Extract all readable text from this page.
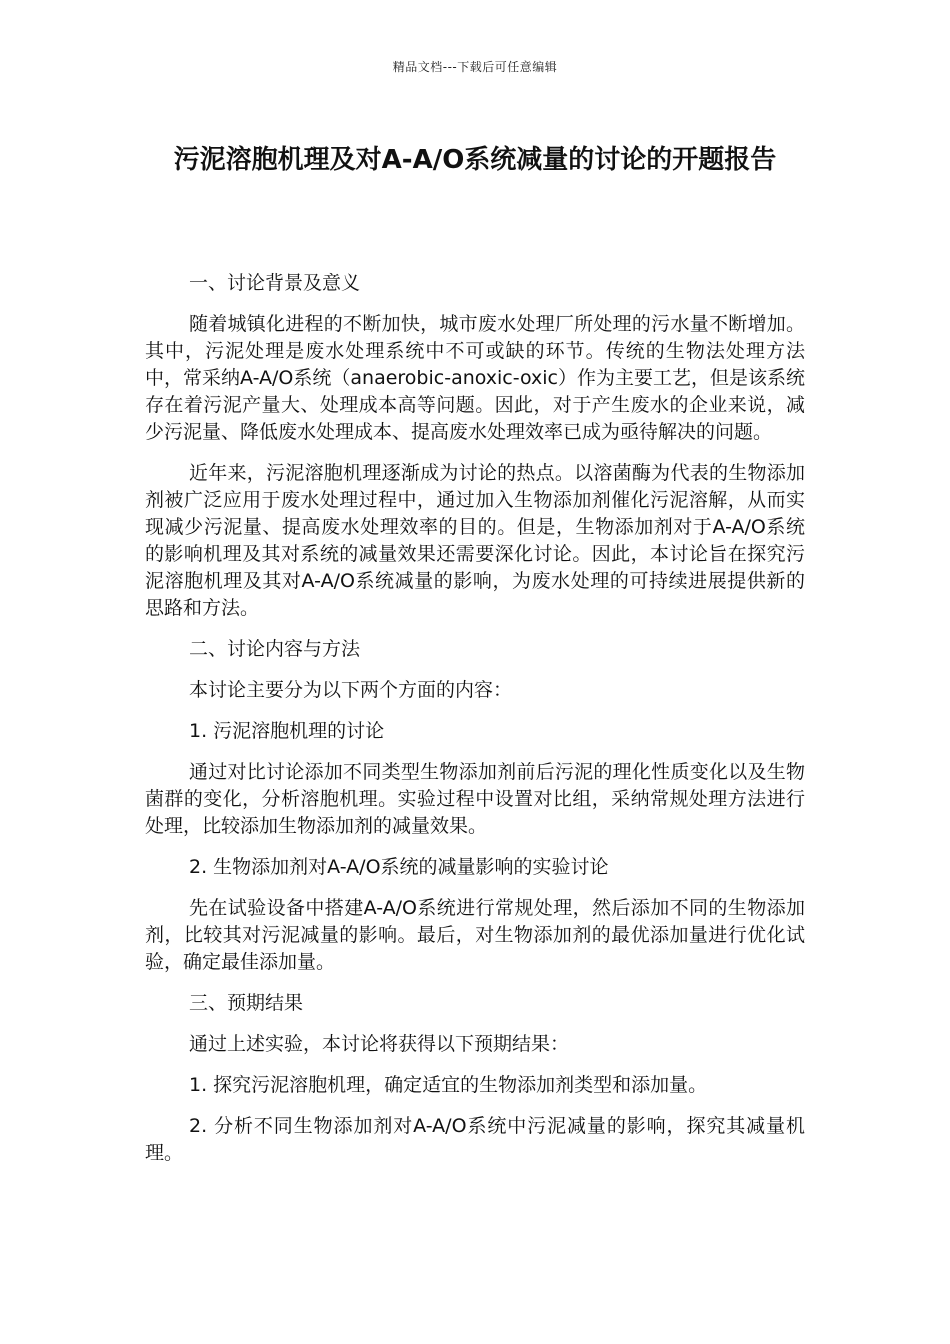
精品文档---下载后可任意编辑
污泥溶胞机理及对A-A/O系统减量的讨论的开题报告

一、讨论背景及意义

随着城镇化进程的不断加快，城市废水处理厂所处理的污水量不断增加。其中，污泥处理是废水处理系统中不可或缺的环节。传统的生物法处理方法中，常采纳A-A/O系统（anaerobic-anoxic-oxic）作为主要工艺，但是该系统存在着污泥产量大、处理成本高等问题。因此，对于产生废水的企业来说，减少污泥量、降低废水处理成本、提高废水处理效率已成为亟待解决的问题。

近年来，污泥溶胞机理逐渐成为讨论的热点。以溶菌酶为代表的生物添加剂被广泛应用于废水处理过程中，通过加入生物添加剂催化污泥溶解，从而实现减少污泥量、提高废水处理效率的目的。但是，生物添加剂对于A-A/O系统的影响机理及其对系统的减量效果还需要深化讨论。因此，本讨论旨在探究污泥溶胞机理及其对A-A/O系统减量的影响，为废水处理的可持续进展提供新的思路和方法。

二、讨论内容与方法

本讨论主要分为以下两个方面的内容：

1. 污泥溶胞机理的讨论

通过对比讨论添加不同类型生物添加剂前后污泥的理化性质变化以及生物菌群的变化，分析溶胞机理。实验过程中设置对比组，采纳常规处理方法进行处理，比较添加生物添加剂的减量效果。

2. 生物添加剂对A-A/O系统的减量影响的实验讨论

先在试验设备中搭建A-A/O系统进行常规处理，然后添加不同的生物添加剂，比较其对污泥减量的影响。最后，对生物添加剂的最优添加量进行优化试验，确定最佳添加量。

三、预期结果

通过上述实验，本讨论将获得以下预期结果：

1. 探究污泥溶胞机理，确定适宜的生物添加剂类型和添加量。

2. 分析不同生物添加剂对A-A/O系统中污泥减量的影响，探究其减量机理。
